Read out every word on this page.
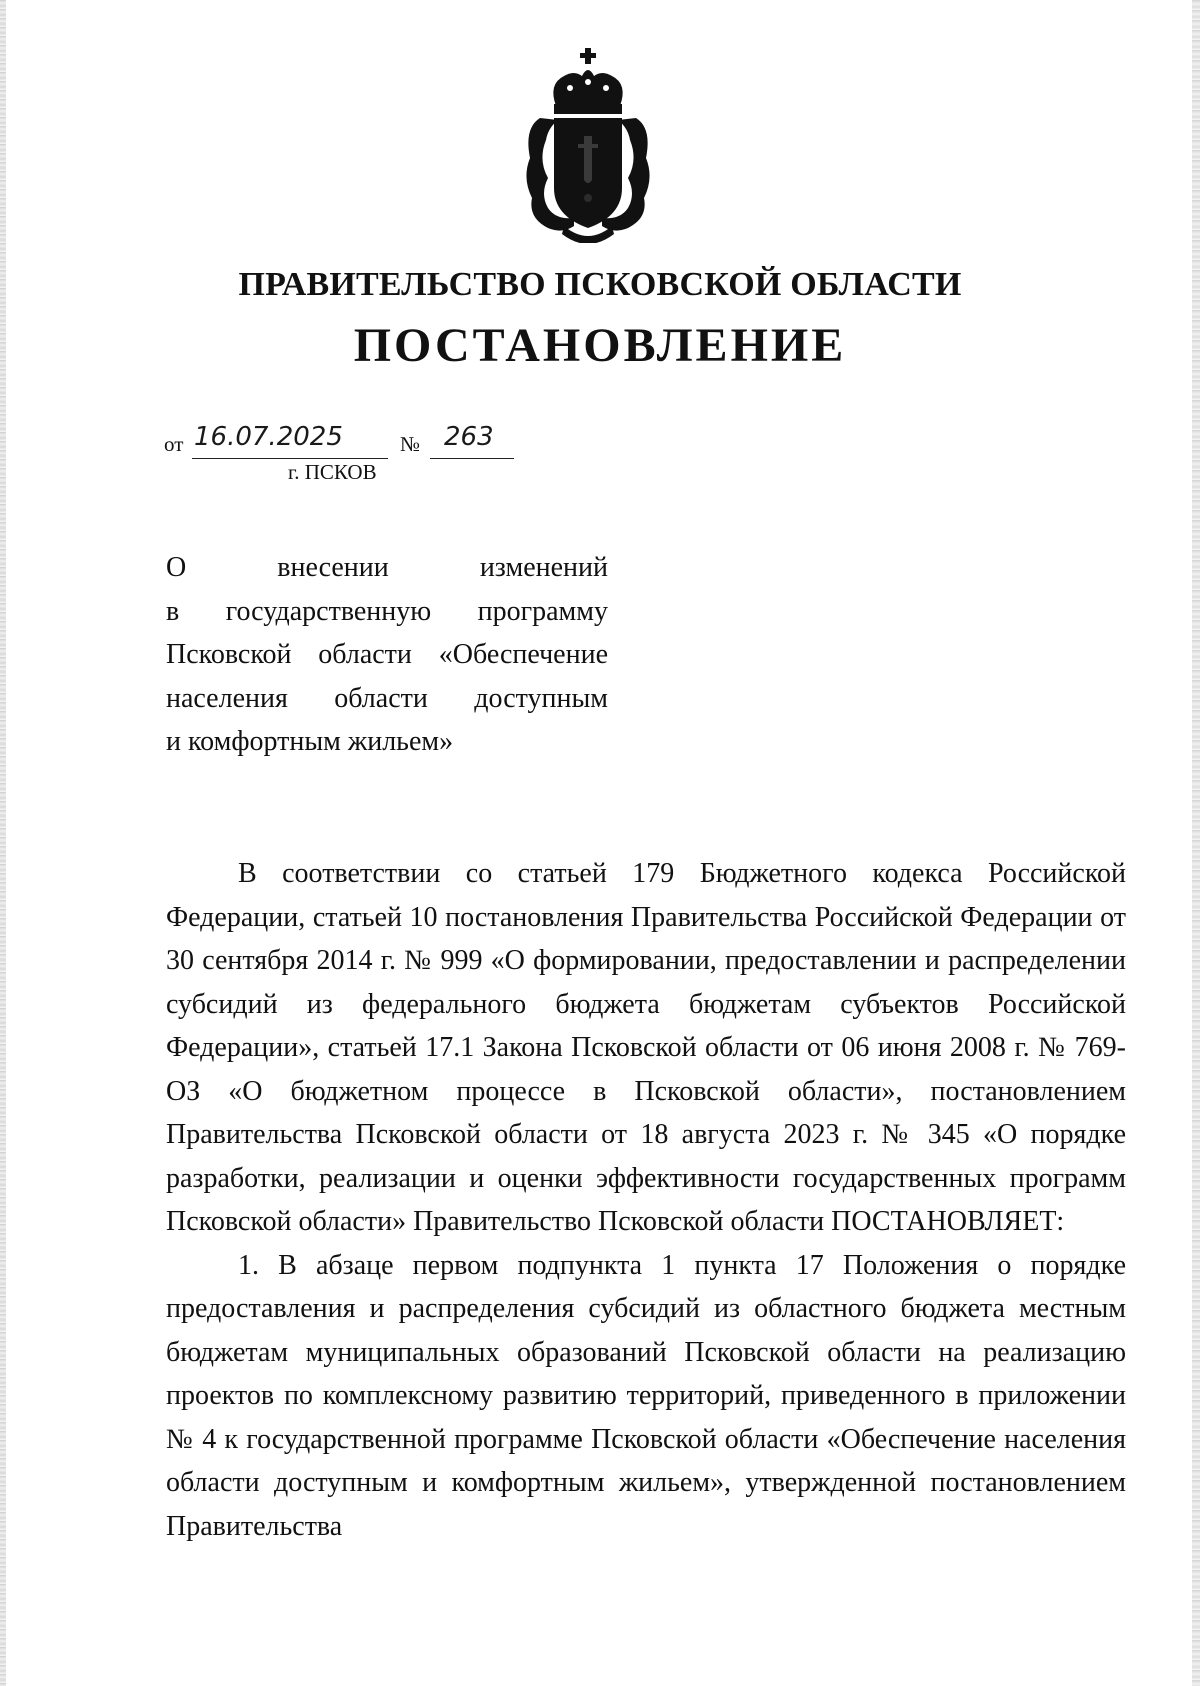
ПРАВИТЕЛЬСТВО ПСКОВСКОЙ ОБЛАСТИ
ПОСТАНОВЛЕНИЕ
от 16.07.2025	№ 263
г. ПСКОВ
О внесении изменений
в государственную программу
Псковской области «Обеспечение
населения области доступным
и комфортным жильем»

В соответствии со статьей 179 Бюджетного кодекса Российской Федерации, статьей 10 постановления Правительства Российской Федерации от 30 сентября 2014 г. № 999 «О формировании, предоставлении и распределении субсидий из федерального бюджета бюджетам субъектов Российской Федерации», статьей 17.1 Закона Псковской области от 06 июня 2008 г. № 769-ОЗ «О бюджетном процессе в Псковской области», постановлением Правительства Псковской области от 18 августа 2023 г. № 345 «О порядке разработки, реализации и оценки эффективности государственных программ Псковской области» Правительство Псковской области ПОСТАНОВЛЯЕТ:

1. В абзаце первом подпункта 1 пункта 17 Положения о порядке предоставления и распределения субсидий из областного бюджета местным бюджетам муниципальных образований Псковской области на реализацию проектов по комплексному развитию территорий, приведенного в приложении № 4 к государственной программе Псковской области «Обеспечение населения области доступным и комфортным жильем», утвержденной постановлением Правительства
